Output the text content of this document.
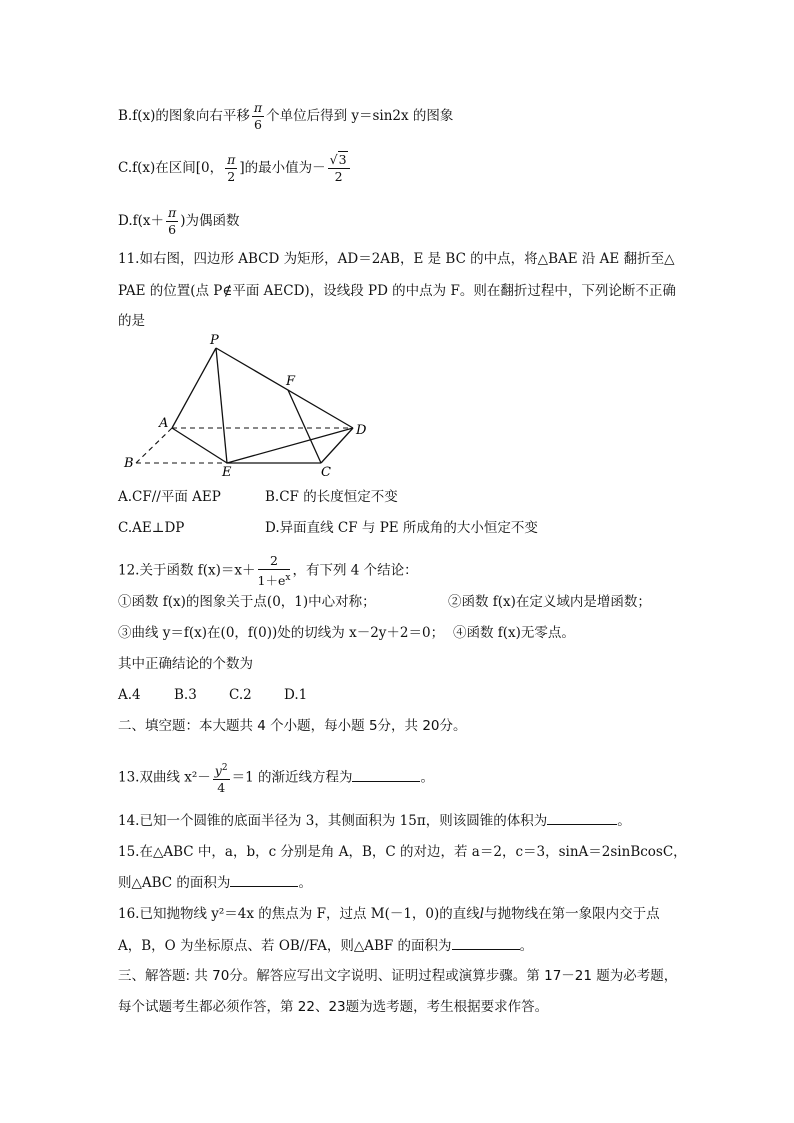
B.f(x)的图象向右平移 $\frac{\pi}{6}$ 个单位后得到 y＝sin2x 的图象
C.f(x)在区间[0， $\frac{\pi}{2}$ ]的最小值为－ $\frac{√3}{2}$
$D.f(x+ \frac{\pi}{6}$ )为偶函数
11.如右图，四边形 ABCD 为矩形，AD＝2AB，E 是 BC 的中点，将△BAE 沿 AE 翻折至△
PAE 的位置(点 P∉平面 AECD)，设线段 PD 的中点为 F。则在翻折过程中，下列论断不正确
的是
P
F
A	D
B
E	C
A.CF//平面 AEP	B.CF 的长度恒定不变
C.AE⊥DP	D.异面直线 CF 与 PE 所成角的大小恒定不变
12.关于函数 $f(x)=x+ \frac{2}{1+e^x}$ ，有下列 4 个结论：
①函数 f(x)的图象关于点(0，1)中心对称；	②函数 f(x)在定义域内是增函数；
③曲线 y＝f(x)在(0，f(0))处的切线为 x－2y＋2＝0； ④函数 f(x)无零点。
其中正确结论的个数为
A.4 B.3 C.2 D.1
二、填空题：本大题共 4 个小题，每小题 5分，共 20分。
13.双曲线 $x^2- \frac{y^2}{4} =1$ 的渐近线方程为	。
14.已知一个圆锥的底面半径为 3，其侧面积为 15π，则该圆锥的体积为	。
15.在△ABC 中，a，b，c 分别是角 A，B，C 的对边，若 a＝2，c＝3，sinA＝2sinBcosC，
则△ABC 的面积为	。
16.已知抛物线 y²＝4x 的焦点为 F，过点 M(－1，0)的直线l与抛物线在第一象限内交于点
A，B，O 为坐标原点、若 OB//FA，则△ABF 的面积为	。
三、解答题: 共 70分。解答应写出文字说明、证明过程或演算步骤。第 17－21 题为必考题，
每个试题考生都必须作答，第 22、23题为选考题，考生根据要求作答。
